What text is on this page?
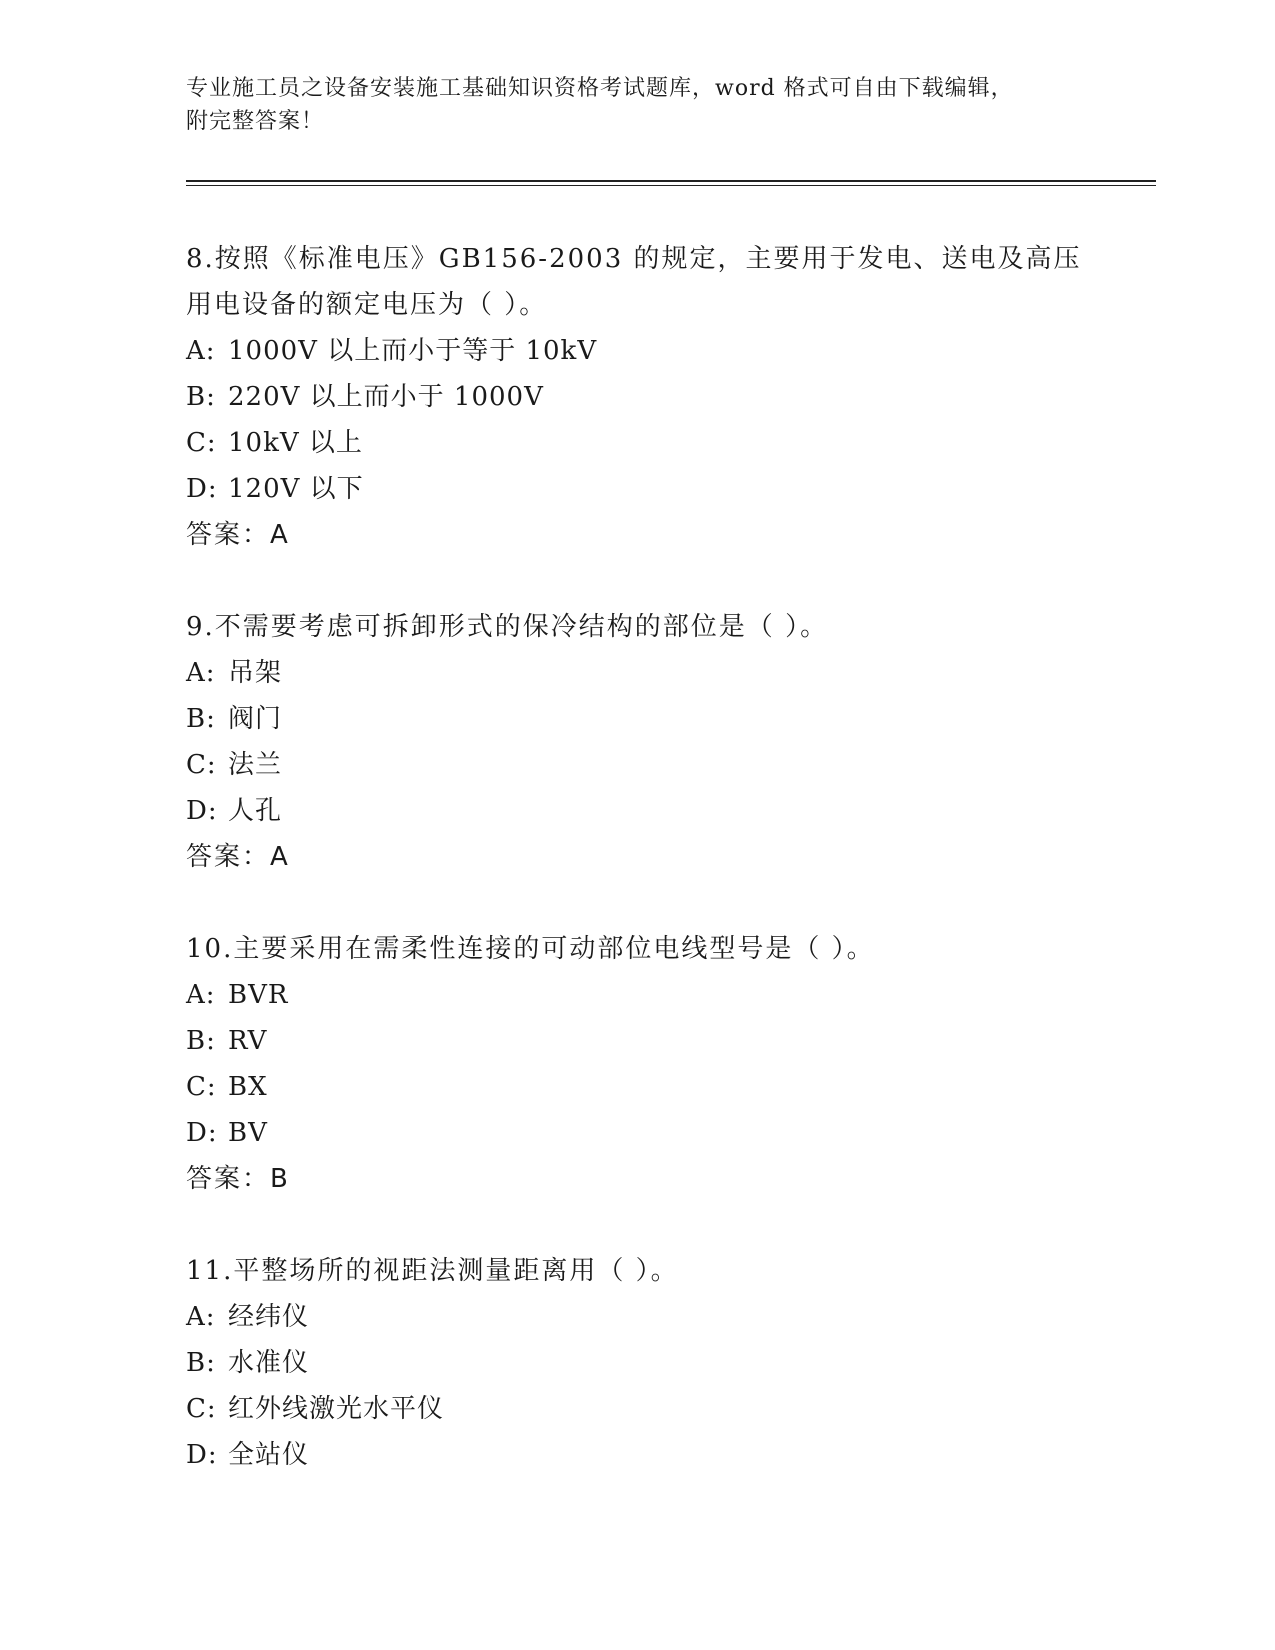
专业施工员之设备安装施工基础知识资格考试题库，word 格式可自由下载编辑，
附完整答案！
8.按照《标准电压》GB156-2003 的规定，主要用于发电、送电及高压用电设备的额定电压为（ ）。
A: 1000V 以上而小于等于 10kV
B: 220V 以上而小于 1000V
C: 10kV 以上
D: 120V 以下
答案：A
9.不需要考虑可拆卸形式的保冷结构的部位是（ ）。
A: 吊架
B: 阀门
C: 法兰
D: 人孔
答案：A
10.主要采用在需柔性连接的可动部位电线型号是（ ）。
A: BVR
B: RV
C: BX
D: BV
答案：B
11.平整场所的视距法测量距离用（ ）。
A: 经纬仪
B: 水准仪
C: 红外线激光水平仪
D: 全站仪
